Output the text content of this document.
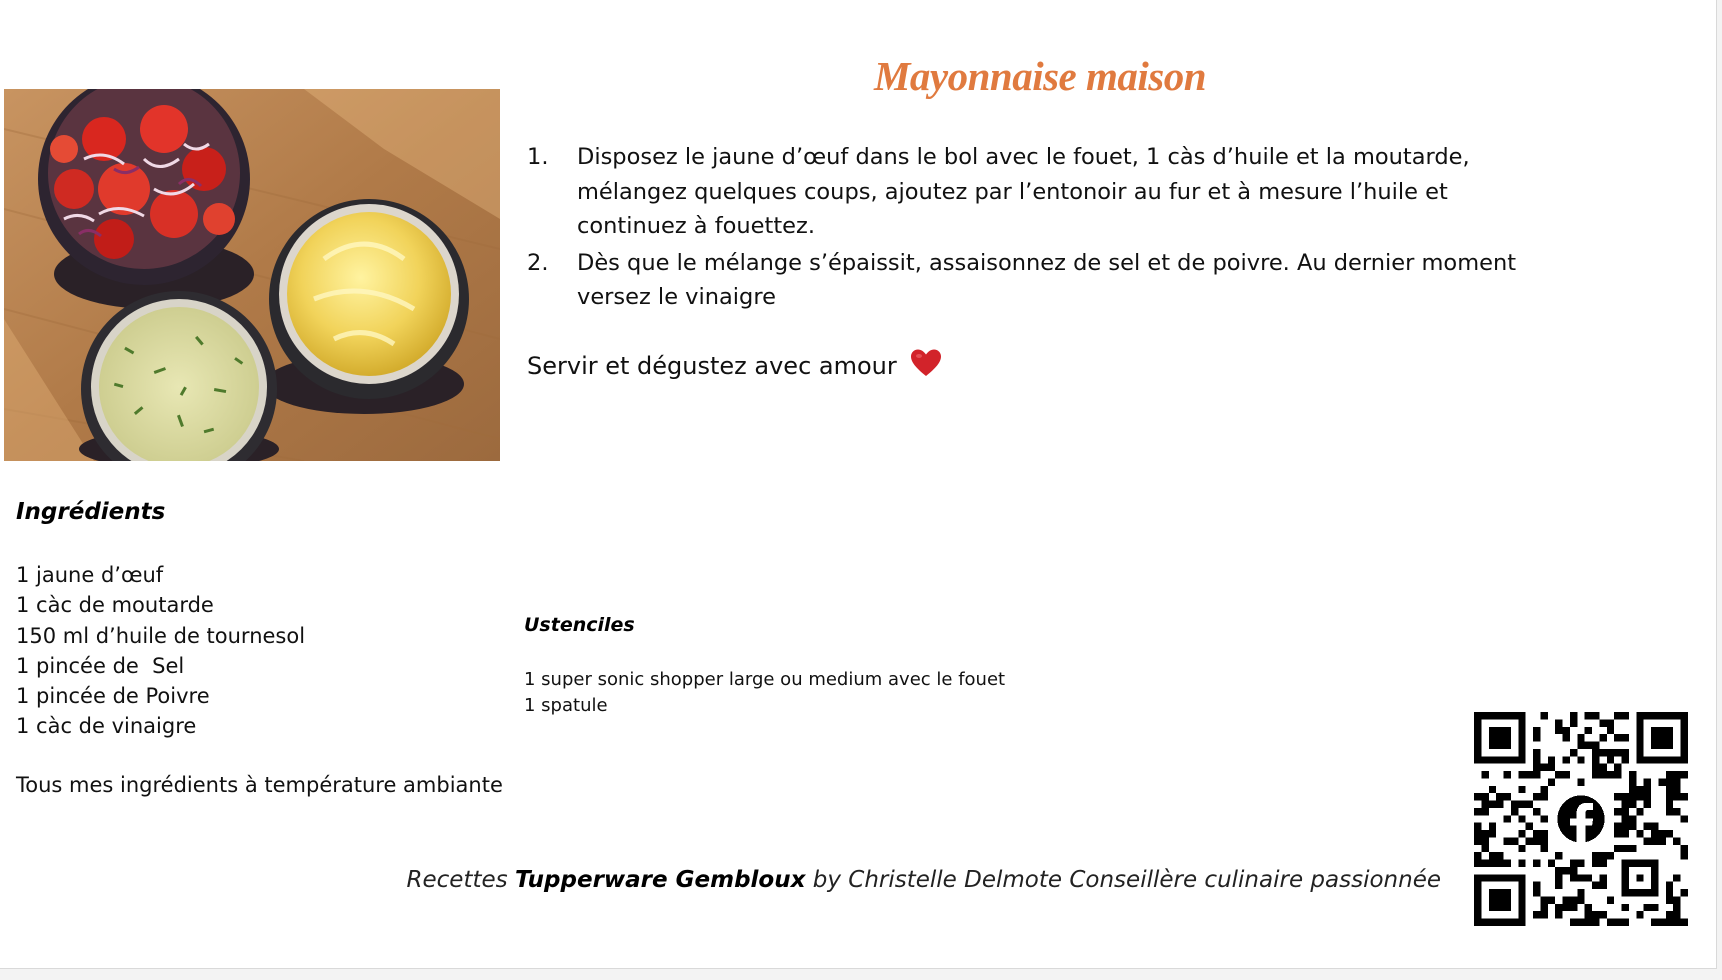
Mayonnaise maison
1. Disposez le jaune d’œuf dans le bol avec le fouet, 1 càs d’huile et la moutarde, mélangez quelques coups, ajoutez par l’entonoir au fur et à mesure l’huile et continuez à fouettez.
2. Dès que le mélange s’épaissit, assaisonnez de sel et de poivre. Au dernier moment versez le vinaigre
Servir et dégustez avec amour
Ingrédients
1 jaune d’œuf
1 càc de moutarde
150 ml d’huile de tournesol
1 pincée de  Sel
1 pincée de Poivre
1 càc de vinaigre
Tous mes ingrédients à température ambiante
Ustenciles
1 super sonic shopper large ou medium avec le fouet
1 spatule
Recettes Tupperware Gembloux by Christelle Delmote Conseillère culinaire passionnée
